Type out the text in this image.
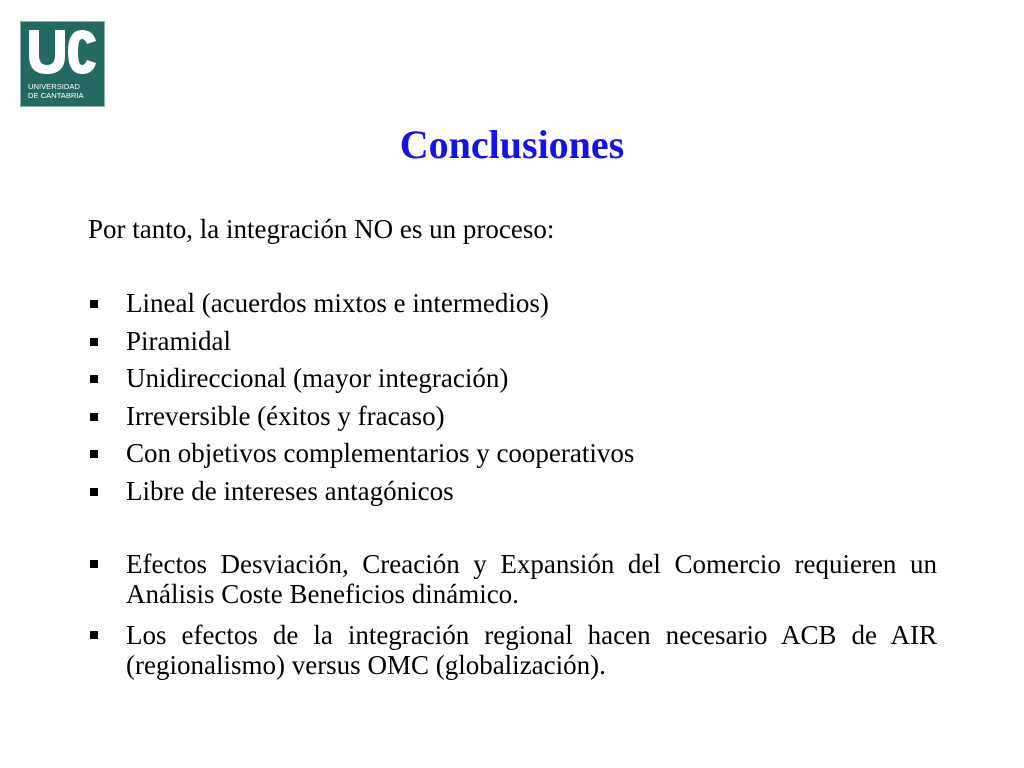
UNIVERSIDAD
DE CANTABRIA
Conclusiones
Por tanto, la integración NO es un proceso:
Lineal (acuerdos mixtos e intermedios)
Piramidal
Unidireccional (mayor integración)
Irreversible (éxitos y fracaso)
Con objetivos complementarios y cooperativos
Libre de intereses antagónicos
Efectos Desviación, Creación y Expansión del Comercio requieren un Análisis Coste Beneficios dinámico.
Los efectos de la integración regional hacen necesario ACB de AIR (regionalismo) versus OMC (globalización).
